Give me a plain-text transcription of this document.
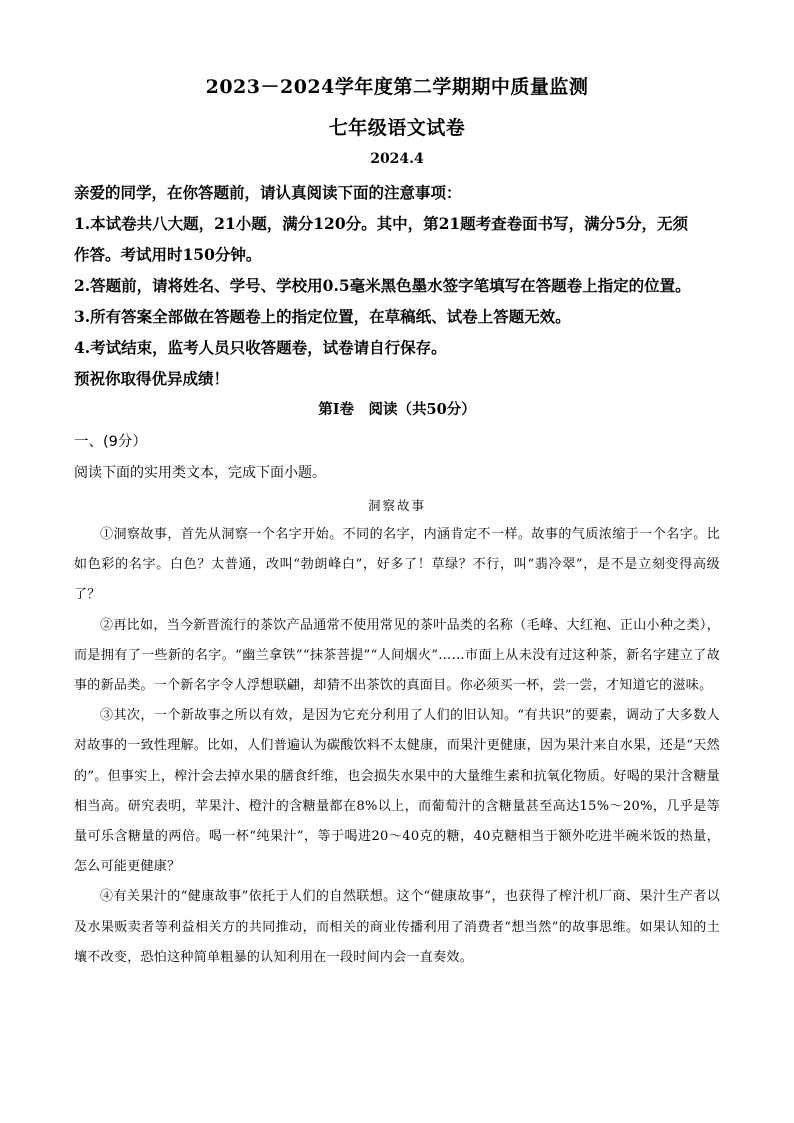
2023－2024学年度第二学期期中质量监测
七年级语文试卷
2024.4
亲爱的同学，在你答题前，请认真阅读下面的注意事项：
1.本试卷共八大题，21小题，满分120分。其中，第21题考查卷面书写，满分5分，无须
作答。考试用时150分钟。
2.答题前，请将姓名、学号、学校用0.5毫米黑色墨水签字笔填写在答题卷上指定的位置。
3.所有答案全部做在答题卷上的指定位置，在草稿纸、试卷上答题无效。
4.考试结束，监考人员只收答题卷，试卷请自行保存。
预祝你取得优异成绩！
第Ⅰ卷　阅读（共50分）
一、(9分）
阅读下面的实用类文本，完成下面小题。
洞察故事

①洞察故事，首先从洞察一个名字开始。不同的名字，内涵肯定不一样。故事的气质浓缩于一个名字。比如色彩的名字。白色？太普通，改叫“勃朗峰白”，好多了！草绿？不行，叫“翡冷翠”，是不是立刻变得高级了？

②再比如，当今新晋流行的茶饮产品通常不使用常见的茶叶品类的名称（毛峰、大红袍、正山小种之类），而是拥有了一些新的名字。“幽兰拿铁”“抹茶菩提”“人间烟火”……市面上从未没有过这种茶，新名字建立了故事的新品类。一个新名字令人浮想联翩，却猜不出茶饮的真面目。你必须买一杯，尝一尝，才知道它的滋味。

③其次，一个新故事之所以有效，是因为它充分利用了人们的旧认知。“有共识”的要素，调动了大多数人对故事的一致性理解。比如，人们普遍认为碳酸饮料不太健康，而果汁更健康，因为果汁来自水果，还是“天然的”。但事实上，榨汁会去掉水果的膳食纤维，也会损失水果中的大量维生素和抗氧化物质。好喝的果汁含糖量相当高。研究表明，苹果汁、橙汁的含糖量都在8%以上，而葡萄汁的含糖量甚至高达15%～20%，几乎是等量可乐含糖量的两倍。喝一杯“纯果汁”，等于喝进20～40克的糖，40克糖相当于额外吃进半碗米饭的热量，怎么可能更健康？

④有关果汁的“健康故事”依托于人们的自然联想。这个“健康故事”，也获得了榨汁机厂商、果汁生产者以及水果贩卖者等利益相关方的共同推动，而相关的商业传播利用了消费者“想当然”的故事思维。如果认知的土壤不改变，恐怕这种简单粗暴的认知利用在一段时间内会一直奏效。
